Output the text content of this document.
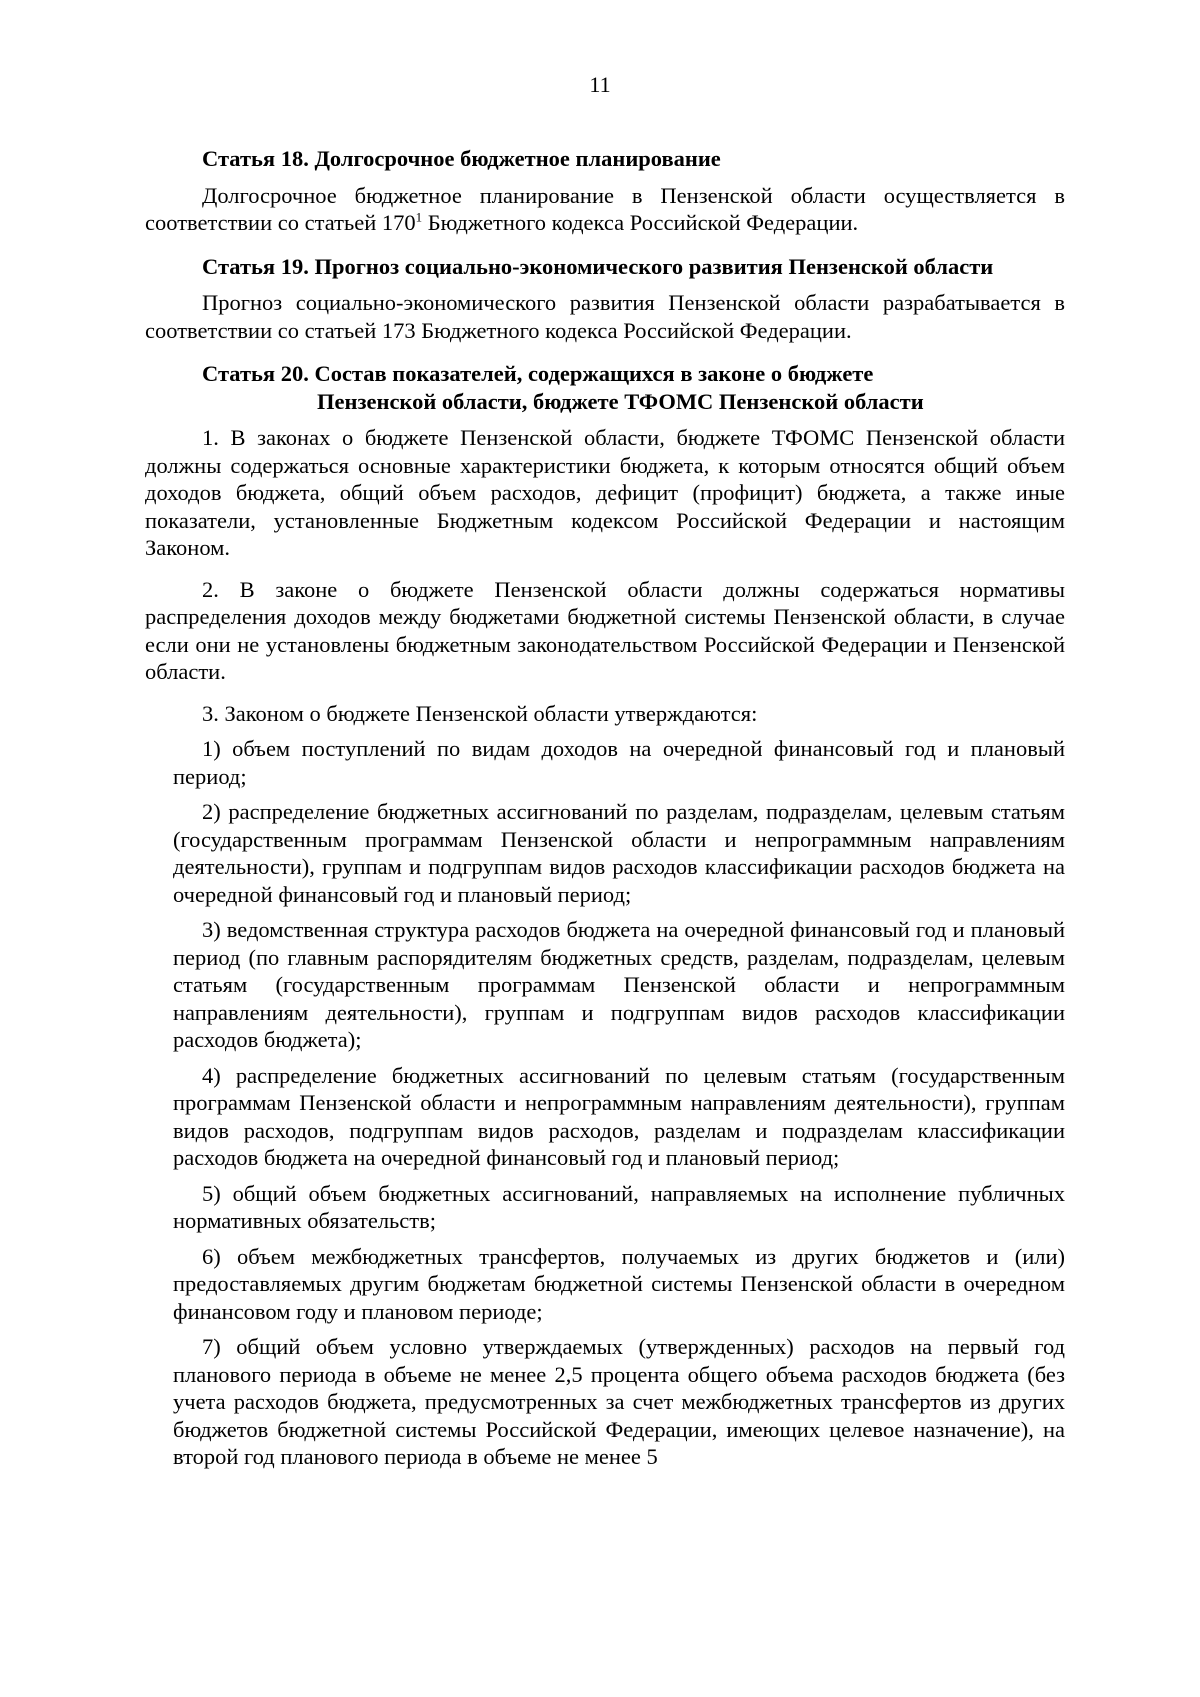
11

Статья 18. Долгосрочное бюджетное планирование

Долгосрочное бюджетное планирование в Пензенской области осуществляется в соответствии со статьей $170^1$ Бюджетного кодекса Российской Федерации.

Статья 19. Прогноз социально-экономического развития Пензенской области

Прогноз социально-экономического развития Пензенской области разрабатывается в соответствии со статьей 173 Бюджетного кодекса Российской Федерации.

Статья 20. Состав показателей, содержащихся в законе о бюджете

Пензенской области, бюджете ТФОМС Пензенской области

1. В законах о бюджете Пензенской области, бюджете ТФОМС Пензенской области должны содержаться основные характеристики бюджета, к которым относятся общий объем доходов бюджета, общий объем расходов, дефицит (профицит) бюджета, а также иные показатели, установленные Бюджетным кодексом Российской Федерации и настоящим Законом.

2. В законе о бюджете Пензенской области должны содержаться нормативы распределения доходов между бюджетами бюджетной системы Пензенской области, в случае если они не установлены бюджетным законодательством Российской Федерации и Пензенской области.

3. Законом о бюджете Пензенской области утверждаются:

1) объем поступлений по видам доходов на очередной финансовый год и плановый период;

2) распределение бюджетных ассигнований по разделам, подразделам, целевым статьям (государственным программам Пензенской области и непрограммным направлениям деятельности), группам и подгруппам видов расходов классификации расходов бюджета на очередной финансовый год и плановый период;

3) ведомственная структура расходов бюджета на очередной финансовый год и плановый период (по главным распорядителям бюджетных средств, разделам, подразделам, целевым статьям (государственным программам Пензенской области и непрограммным направлениям деятельности), группам и подгруппам видов расходов классификации расходов бюджета);

4) распределение бюджетных ассигнований по целевым статьям (государственным программам Пензенской области и непрограммным направлениям деятельности), группам видов расходов, подгруппам видов расходов, разделам и подразделам классификации расходов бюджета на очередной финансовый год и плановый период;

5) общий объем бюджетных ассигнований, направляемых на исполнение публичных нормативных обязательств;

6) объем межбюджетных трансфертов, получаемых из других бюджетов и (или) предоставляемых другим бюджетам бюджетной системы Пензенской области в очередном финансовом году и плановом периоде;

7) общий объем условно утверждаемых (утвержденных) расходов на первый год планового периода в объеме не менее 2,5 процента общего объема расходов бюджета (без учета расходов бюджета, предусмотренных за счет межбюджетных трансфертов из других бюджетов бюджетной системы Российской Федерации, имеющих целевое назначение), на второй год планового периода в объеме не менее 5
